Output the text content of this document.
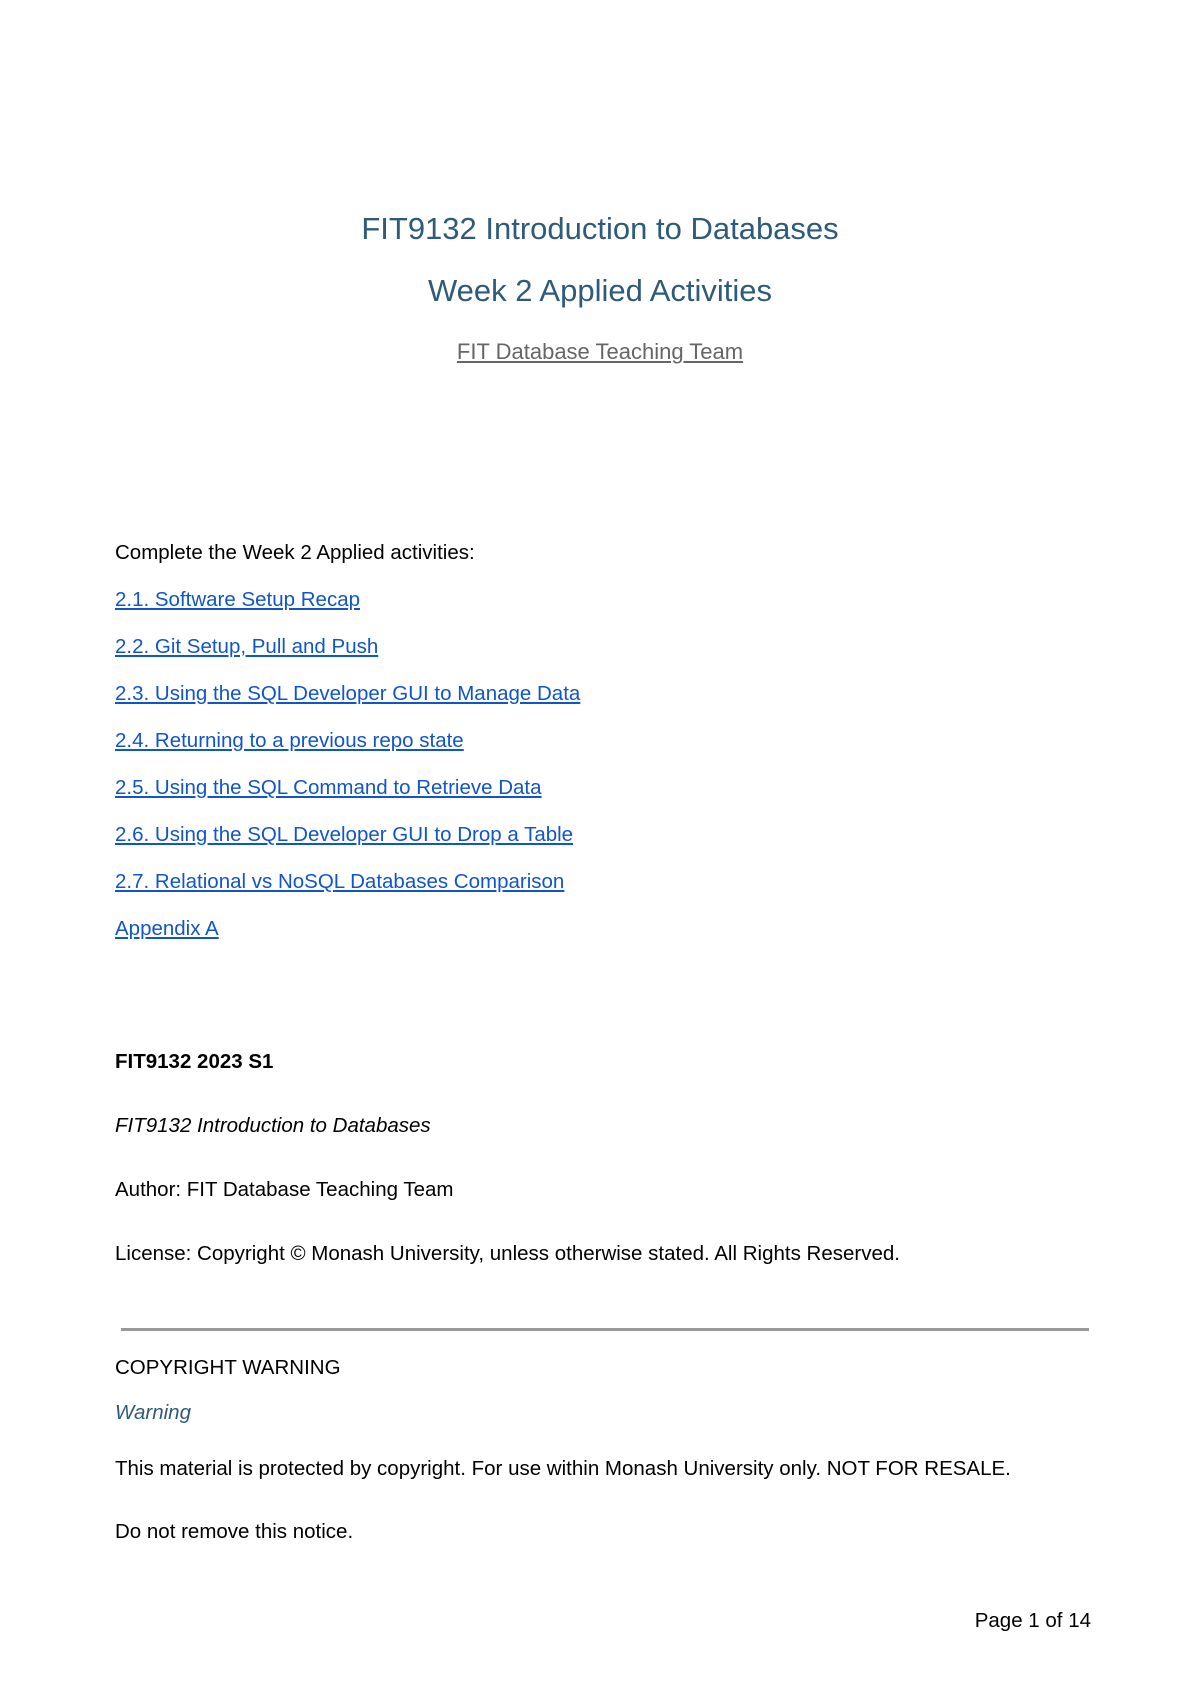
FIT9132 Introduction to Databases
Week 2 Applied Activities
FIT Database Teaching Team
Complete the Week 2 Applied activities:
2.1. Software Setup Recap
2.2. Git Setup, Pull and Push
2.3. Using the SQL Developer GUI to Manage Data
2.4. Returning to a previous repo state
2.5. Using the SQL Command to Retrieve Data
2.6. Using the SQL Developer GUI to Drop a Table
2.7. Relational vs NoSQL Databases Comparison
Appendix A
FIT9132 2023 S1
FIT9132 Introduction to Databases
Author: FIT Database Teaching Team
License: Copyright © Monash University, unless otherwise stated. All Rights Reserved.
COPYRIGHT WARNING
Warning
This material is protected by copyright. For use within Monash University only. NOT FOR RESALE.
Do not remove this notice.
Page 1 of 14
